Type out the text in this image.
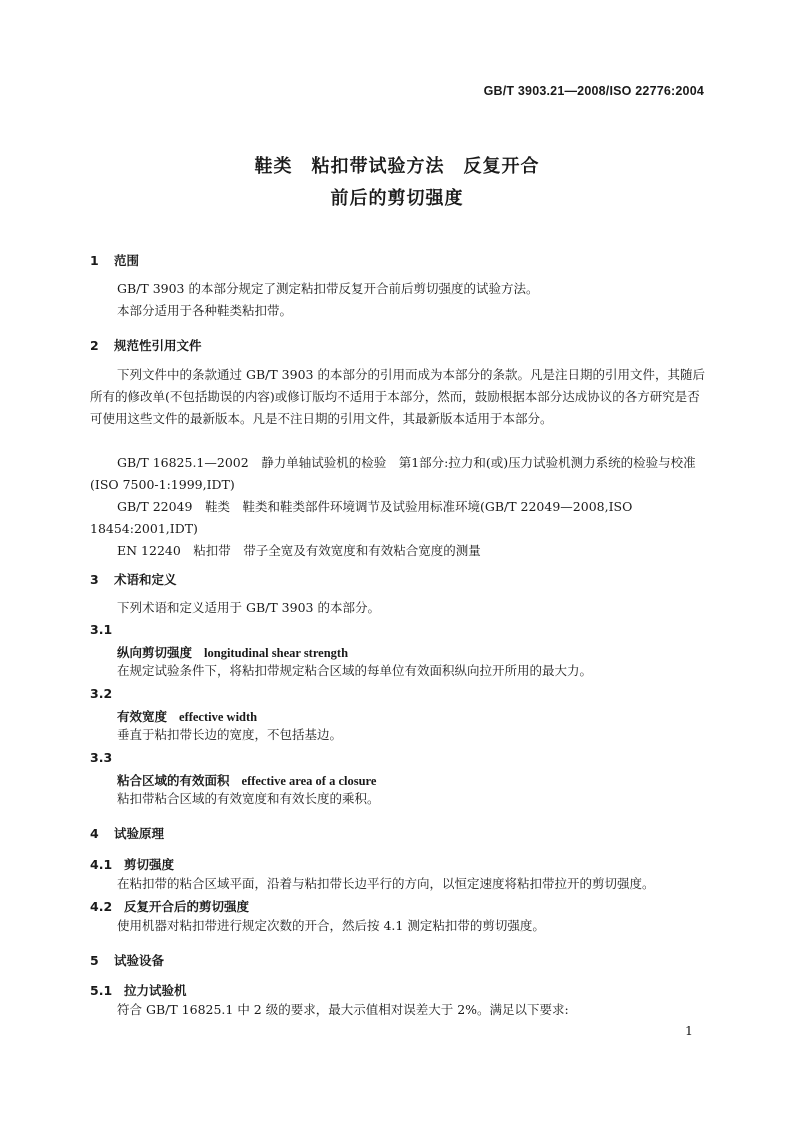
GB/T 3903.21—2008/ISO 22776:2004
鞋类　粘扣带试验方法　反复开合
前后的剪切强度
1 范围
GB/T 3903 的本部分规定了测定粘扣带反复开合前后剪切强度的试验方法。
本部分适用于各种鞋类粘扣带。
2 规范性引用文件
下列文件中的条款通过 GB/T 3903 的本部分的引用而成为本部分的条款。凡是注日期的引用文件，其随后所有的修改单(不包括勘误的内容)或修订版均不适用于本部分，然而，鼓励根据本部分达成协议的各方研究是否可使用这些文件的最新版本。凡是不注日期的引用文件，其最新版本适用于本部分。
GB/T 16825.1—2002　静力单轴试验机的检验　第1部分:拉力和(或)压力试验机测力系统的检验与校准(ISO 7500-1:1999,IDT)
GB/T 22049　鞋类　鞋类和鞋类部件环境调节及试验用标准环境(GB/T 22049—2008,ISO 18454:2001,IDT)
EN 12240　粘扣带　带子全宽及有效宽度和有效粘合宽度的测量
3 术语和定义
下列术语和定义适用于 GB/T 3903 的本部分。
3.1
纵向剪切强度 longitudinal shear strength
在规定试验条件下，将粘扣带规定粘合区域的每单位有效面积纵向拉开所用的最大力。
3.2
有效宽度 effective width
垂直于粘扣带长边的宽度，不包括基边。
3.3
粘合区域的有效面积 effective area of a closure
粘扣带粘合区域的有效宽度和有效长度的乘积。
4 试验原理
4.1 剪切强度
在粘扣带的粘合区域平面，沿着与粘扣带长边平行的方向，以恒定速度将粘扣带拉开的剪切强度。
4.2 反复开合后的剪切强度
使用机器对粘扣带进行规定次数的开合，然后按 4.1 测定粘扣带的剪切强度。
5 试验设备
5.1 拉力试验机
符合 GB/T 16825.1 中 2 级的要求，最大示值相对误差大于 2%。满足以下要求:
1
